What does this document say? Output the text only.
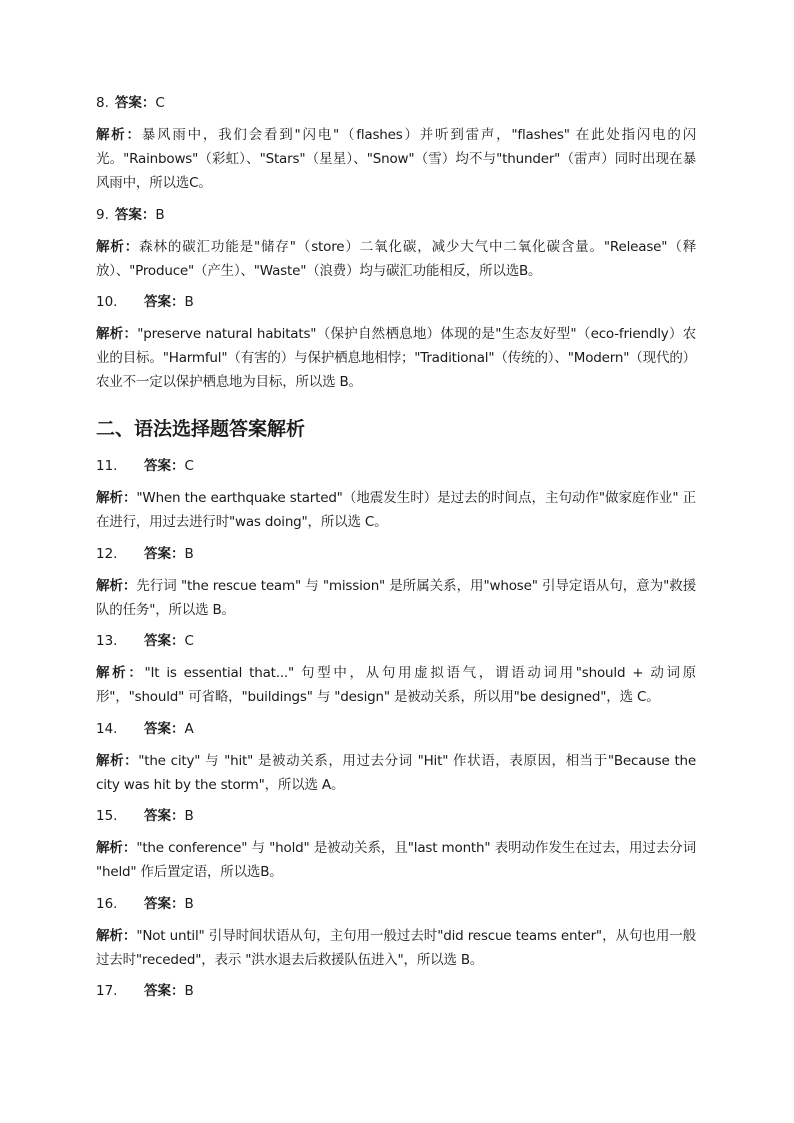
8. 答案：C
解析：暴风雨中，我们会看到"闪电"（flashes）并听到雷声，"flashes" 在此处指闪电的闪光。"Rainbows"（彩虹）、"Stars"（星星）、"Snow"（雪）均不与"thunder"（雷声）同时出现在暴风雨中，所以选C。
9. 答案：B
解析：森林的碳汇功能是"储存"（store）二氧化碳，减少大气中二氧化碳含量。"Release"（释放）、"Produce"（产生）、"Waste"（浪费）均与碳汇功能相反，所以选B。
10. 答案：B
解析："preserve natural habitats"（保护自然栖息地）体现的是"生态友好型"（eco-friendly）农业的目标。"Harmful"（有害的）与保护栖息地相悖；"Traditional"（传统的）、"Modern"（现代的）农业不一定以保护栖息地为目标，所以选 B。
二、语法选择题答案解析
11. 答案：C
解析："When the earthquake started"（地震发生时）是过去的时间点，主句动作"做家庭作业" 正在进行，用过去进行时"was doing"，所以选 C。
12. 答案：B
解析：先行词 "the rescue team" 与 "mission" 是所属关系，用"whose" 引导定语从句，意为"救援队的任务"，所以选 B。
13. 答案：C
解析："It is essential that..." 句型中，从句用虚拟语气，谓语动词用"should + 动词原形"，"should" 可省略，"buildings" 与 "design" 是被动关系，所以用"be designed"，选 C。
14. 答案：A
解析："the city" 与 "hit" 是被动关系，用过去分词 "Hit" 作状语，表原因，相当于"Because the city was hit by the storm"，所以选 A。
15. 答案：B
解析："the conference" 与 "hold" 是被动关系，且"last month" 表明动作发生在过去，用过去分词 "held" 作后置定语，所以选B。
16. 答案：B
解析："Not until" 引导时间状语从句，主句用一般过去时"did rescue teams enter"，从句也用一般过去时"receded"，表示 "洪水退去后救援队伍进入"，所以选 B。
17. 答案：B
